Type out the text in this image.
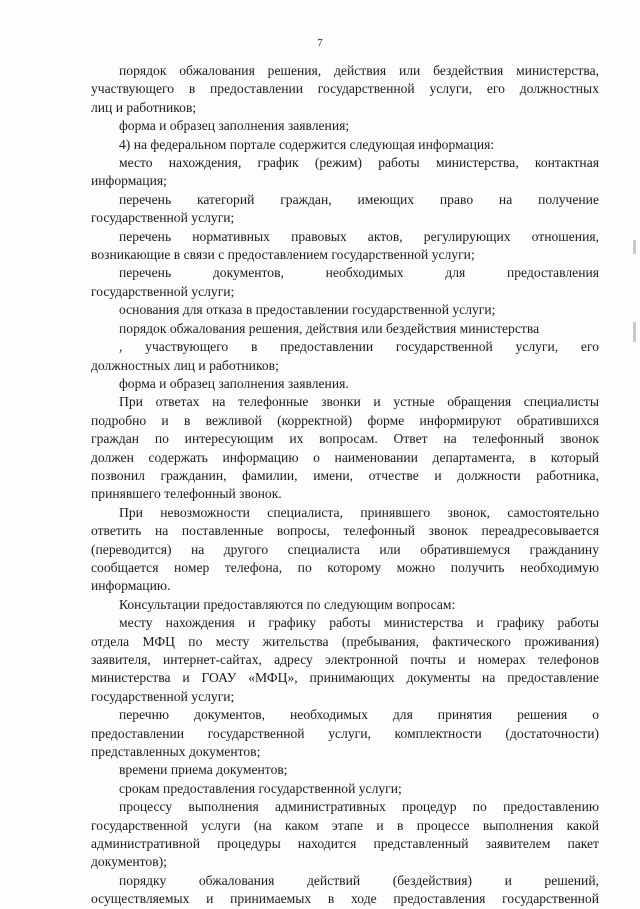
7
порядок обжалования решения, действия или бездействия министерства,
участвующего в предоставлении государственной услуги, его должностных
лиц и работников;
форма и образец заполнения заявления;
4) на федеральном портале содержится следующая информация:
место нахождения, график (режим) работы министерства, контактная
информация;
перечень категорий граждан, имеющих право на получение
государственной услуги;
перечень нормативных правовых актов, регулирующих отношения,
возникающие в связи с предоставлением государственной услуги;
перечень документов, необходимых для предоставления
государственной услуги;
основания для отказа в предоставлении государственной услуги;
порядок обжалования решения, действия или бездействия министерства
, участвующего в предоставлении государственной услуги, его
должностных лиц и работников;
форма и образец заполнения заявления.
При ответах на телефонные звонки и устные обращения специалисты
подробно и в вежливой (корректной) форме информируют обратившихся
граждан по интересующим их вопросам. Ответ на телефонный звонок
должен содержать информацию о наименовании департамента, в который
позвонил гражданин, фамилии, имени, отчестве и должности работника,
принявшего телефонный звонок.
При невозможности специалиста, принявшего звонок, самостоятельно
ответить на поставленные вопросы, телефонный звонок переадресовывается
(переводится) на другого специалиста или обратившемуся гражданину
сообщается номер телефона, по которому можно получить необходимую
информацию.
Консультации предоставляются по следующим вопросам:
месту нахождения и графику работы министерства и графику работы
отдела МФЦ по месту жительства (пребывания, фактического проживания)
заявителя, интернет-сайтах, адресу электронной почты и номерах телефонов
министерства и ГОАУ «МФЦ», принимающих документы на предоставление
государственной услуги;
перечню документов, необходимых для принятия решения о
предоставлении государственной услуги, комплектности (достаточности)
представленных документов;
времени приема документов;
срокам предоставления государственной услуги;
процессу выполнения административных процедур по предоставлению
государственной услуги (на каком этапе и в процессе выполнения какой
административной процедуры находится представленный заявителем пакет
документов);
порядку обжалования действий (бездействия) и решений,
осуществляемых и принимаемых в ходе предоставления государственной
